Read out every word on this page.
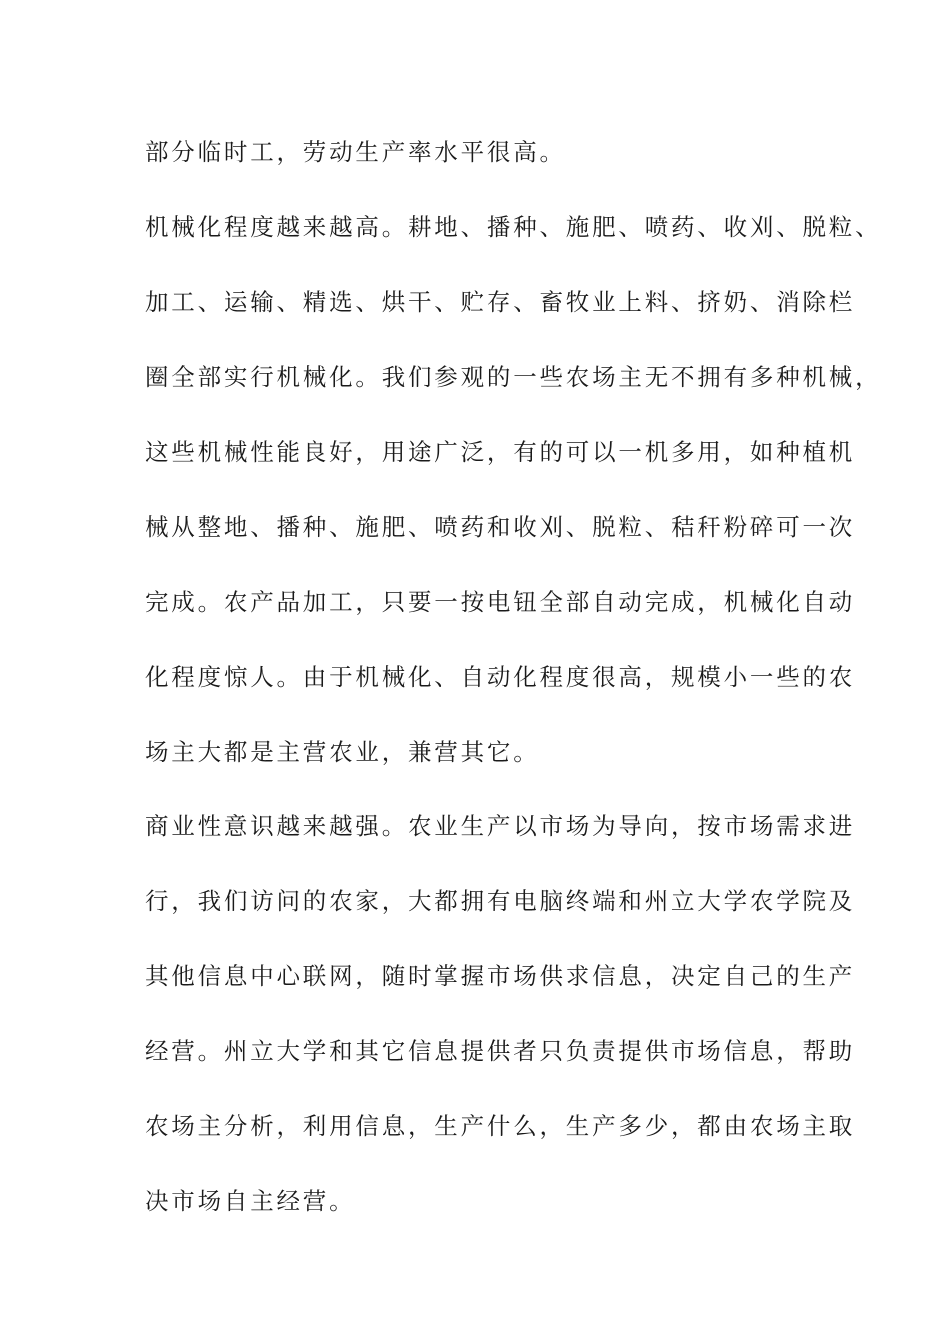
部分临时工，劳动生产率水平很高。
机械化程度越来越高。耕地、播种、施肥、喷药、收刈、脱粒、
加工、运输、精选、烘干、贮存、畜牧业上料、挤奶、消除栏
圈全部实行机械化。我们参观的一些农场主无不拥有多种机械，
这些机械性能良好，用途广泛，有的可以一机多用，如种植机
械从整地、播种、施肥、喷药和收刈、脱粒、秸秆粉碎可一次
完成。农产品加工，只要一按电钮全部自动完成，机械化自动
化程度惊人。由于机械化、自动化程度很高，规模小一些的农
场主大都是主营农业，兼营其它。
商业性意识越来越强。农业生产以市场为导向，按市场需求进
行，我们访问的农家，大都拥有电脑终端和州立大学农学院及
其他信息中心联网，随时掌握市场供求信息，决定自己的生产
经营。州立大学和其它信息提供者只负责提供市场信息，帮助
农场主分析，利用信息，生产什么，生产多少，都由农场主取
决市场自主经营。
